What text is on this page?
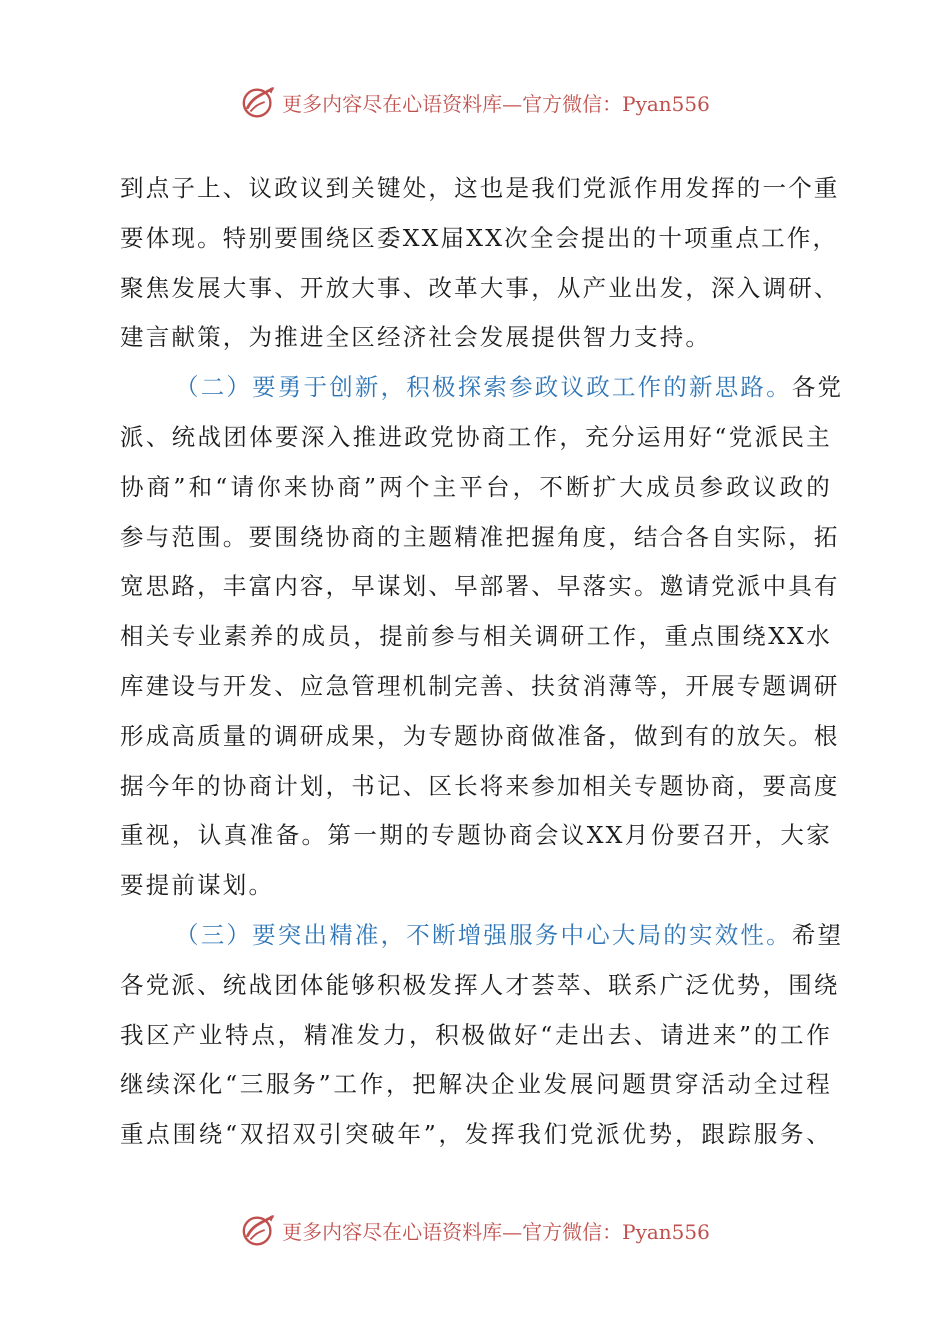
更多内容尽在心语资料库—官方微信：Pyan556

到点子上、议政议到关键处，这也是我们党派作用发挥的一个重
要体现。特别要围绕区委XX届XX次全会提出的十项重点工作，
聚焦发展大事、开放大事、改革大事，从产业出发，深入调研、
建言献策，为推进全区经济社会发展提供智力支持。

（二）要勇于创新，积极探索参政议政工作的新思路。各党
派、统战团体要深入推进政党协商工作，充分运用好“党派民主
协商”和“请你来协商”两个主平台，不断扩大成员参政议政的
参与范围。要围绕协商的主题精准把握角度，结合各自实际，拓
宽思路，丰富内容，早谋划、早部署、早落实。邀请党派中具有
相关专业素养的成员，提前参与相关调研工作，重点围绕XX水
库建设与开发、应急管理机制完善、扶贫消薄等，开展专题调研
形成高质量的调研成果，为专题协商做准备，做到有的放矢。根
据今年的协商计划，书记、区长将来参加相关专题协商，要高度
重视，认真准备。第一期的专题协商会议XX月份要召开，大家
要提前谋划。

（三）要突出精准，不断增强服务中心大局的实效性。希望
各党派、统战团体能够积极发挥人才荟萃、联系广泛优势，围绕
我区产业特点，精准发力，积极做好“走出去、请进来”的工作
继续深化“三服务”工作，把解决企业发展问题贯穿活动全过程
重点围绕“双招双引突破年”，发挥我们党派优势，跟踪服务、

更多内容尽在心语资料库—官方微信：Pyan556
